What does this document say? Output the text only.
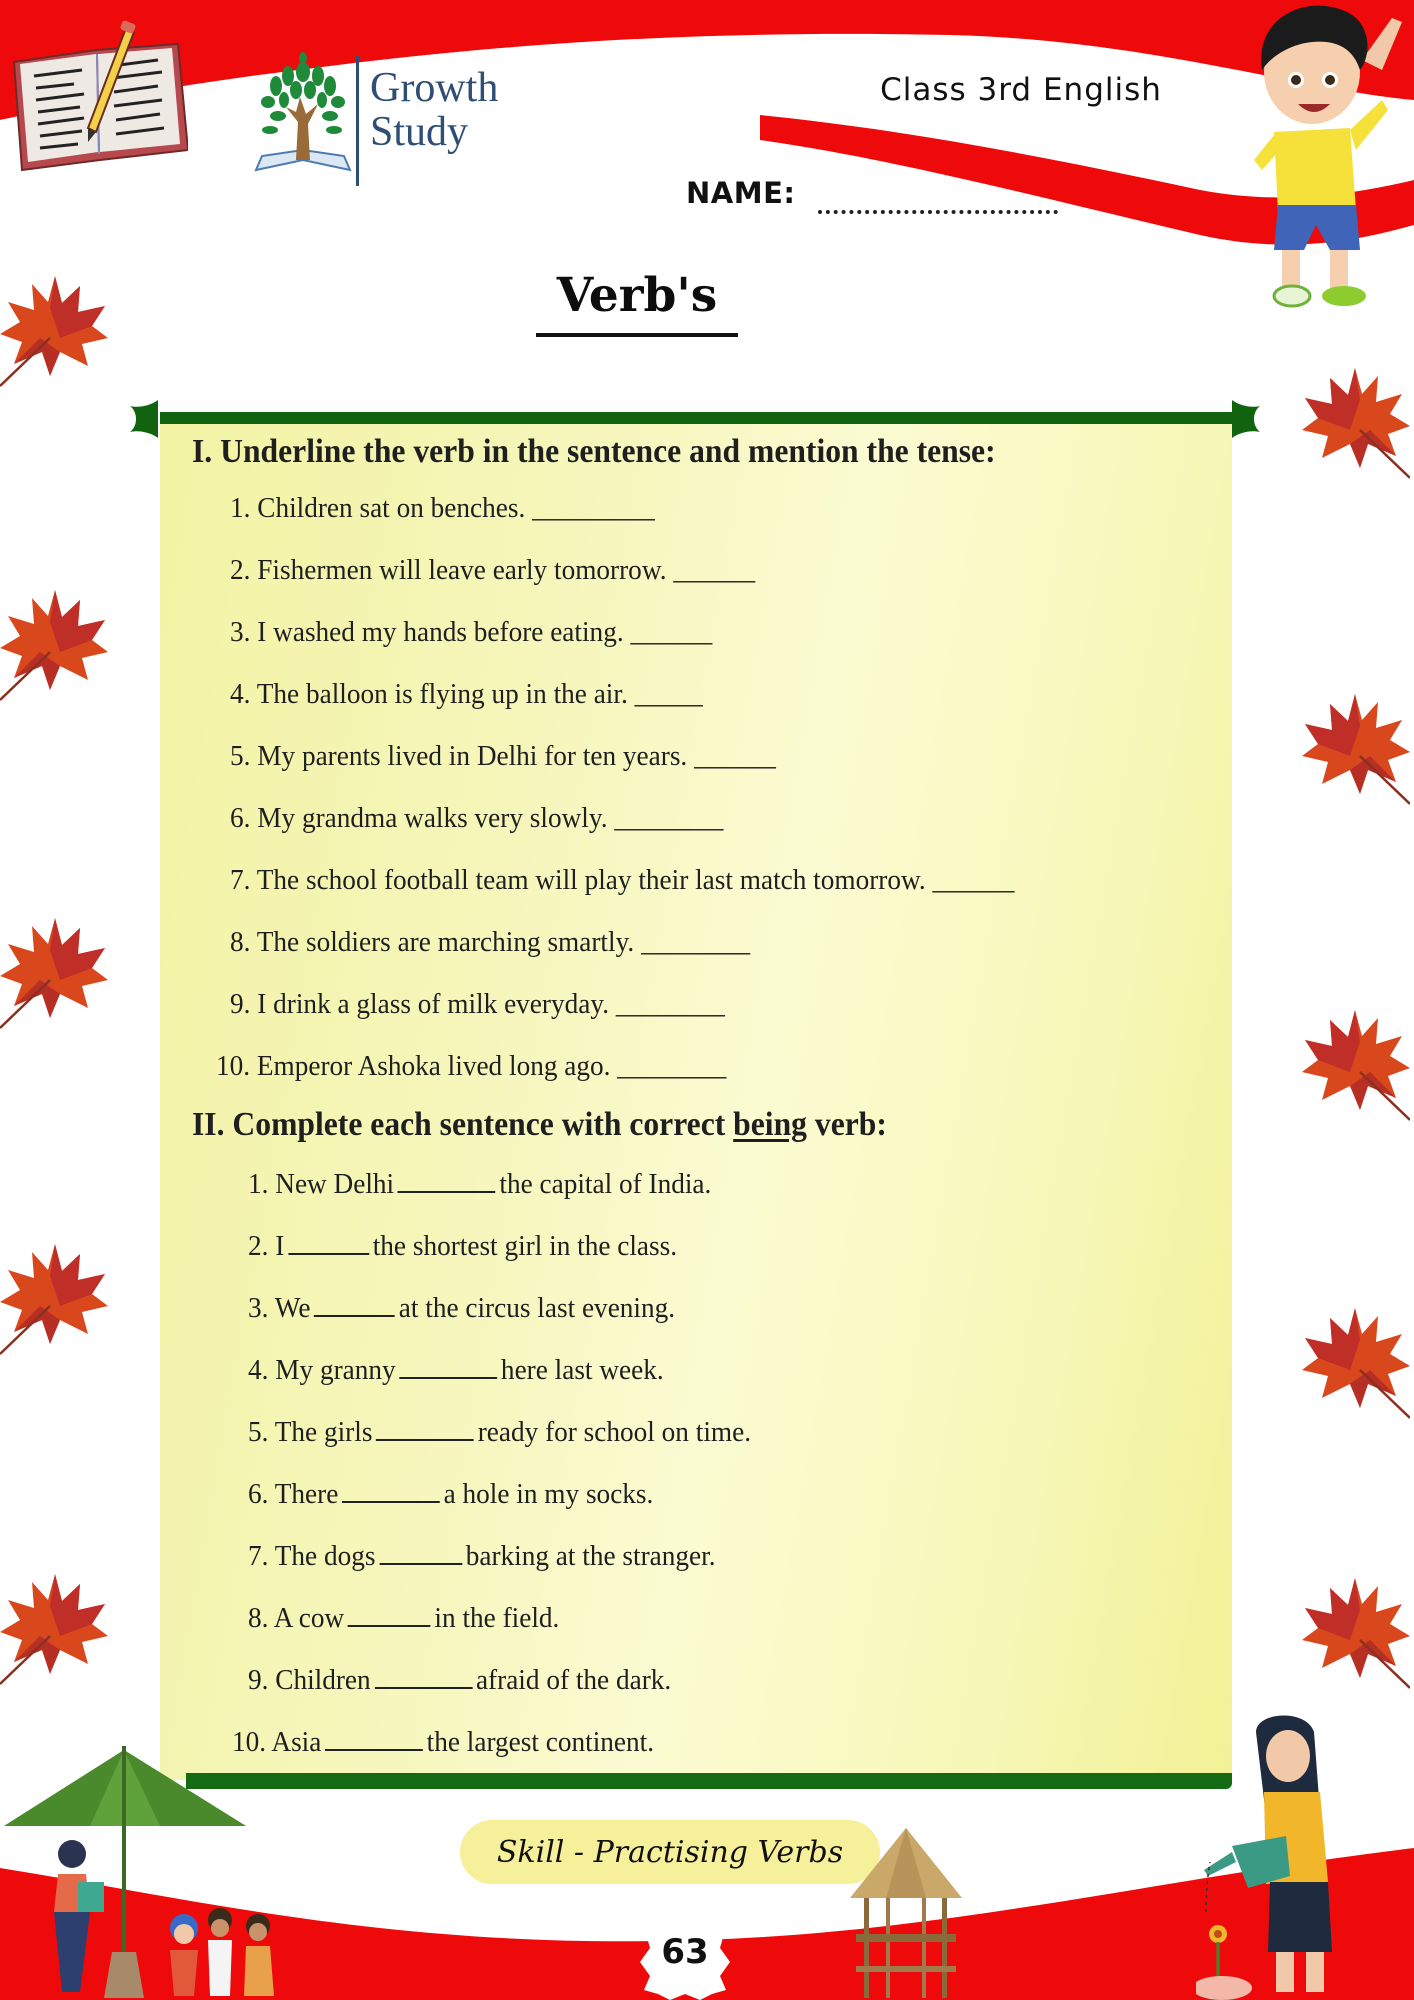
Growth
Study
Class 3rd English
NAME:
Verb's
I. Underline the verb in the sentence and mention the tense:
1. Children sat on benches. _________
2. Fishermen will leave early tomorrow. ______
3. I washed my hands before eating. ______
4. The balloon is flying up in the air. _____
5. My parents lived in Delhi for ten years. ______
6. My grandma walks very slowly. ________
7. The school football team will play their last match tomorrow. ______
8. The soldiers are marching smartly. ________
9. I drink a glass of milk everyday. ________
10. Emperor Ashoka lived long ago. ________
II. Complete each sentence with correct being verb:
1. New Delhi	the capital of India.
2. I	the shortest girl in the class.
3. We	at the circus last evening.
4. My granny	here last week.
5. The girls	ready for school on time.
6. There	a hole in my socks.
7. The dogs	barking at the stranger.
8. A cow	in the field.
9. Children	afraid of the dark.
10. Asia	the largest continent.
Skill - Practising Verbs
63
